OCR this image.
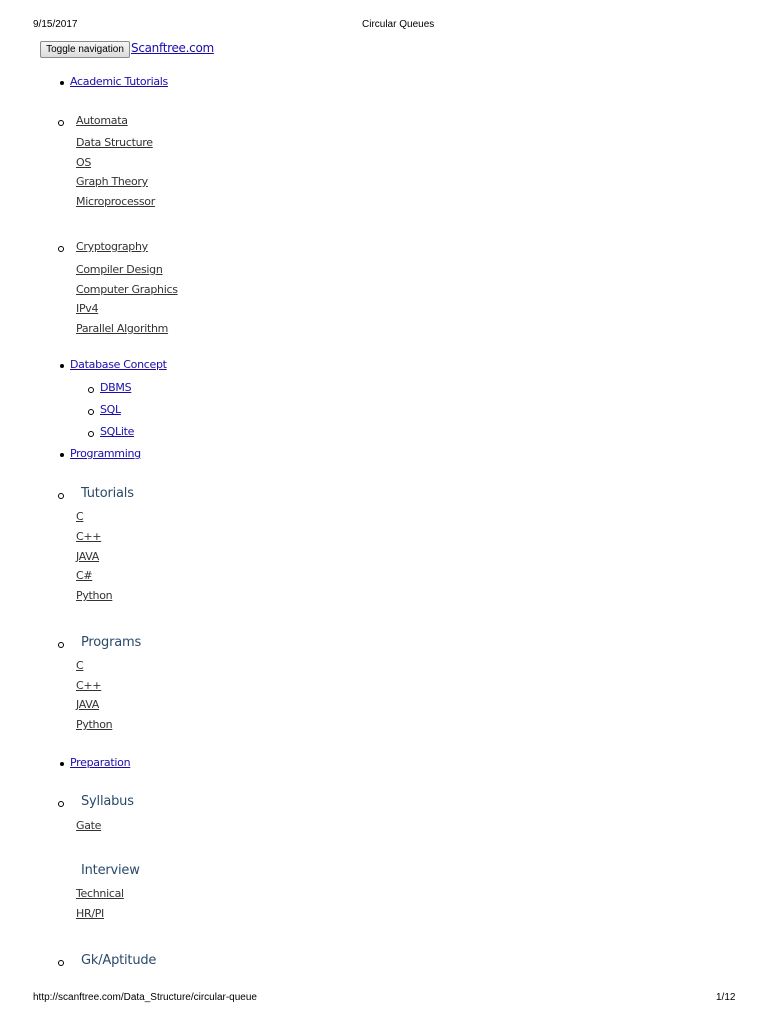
9/15/2017	Circular Queues
Toggle navigation Scanftree.com
Academic Tutorials
Automata
Data Structure
OS
Graph Theory
Microprocessor
Cryptography
Compiler Design
Computer Graphics
IPv4
Parallel Algorithm
Database Concept
DBMS
SQL
SQLite
Programming
Tutorials
C
C++
JAVA
C#
Python
Programs
C
C++
JAVA
Python
Preparation
Syllabus
Gate
Interview
Technical
HR/PI
Gk/Aptitude
http://scanftree.com/Data_Structure/circular-queue	1/12
